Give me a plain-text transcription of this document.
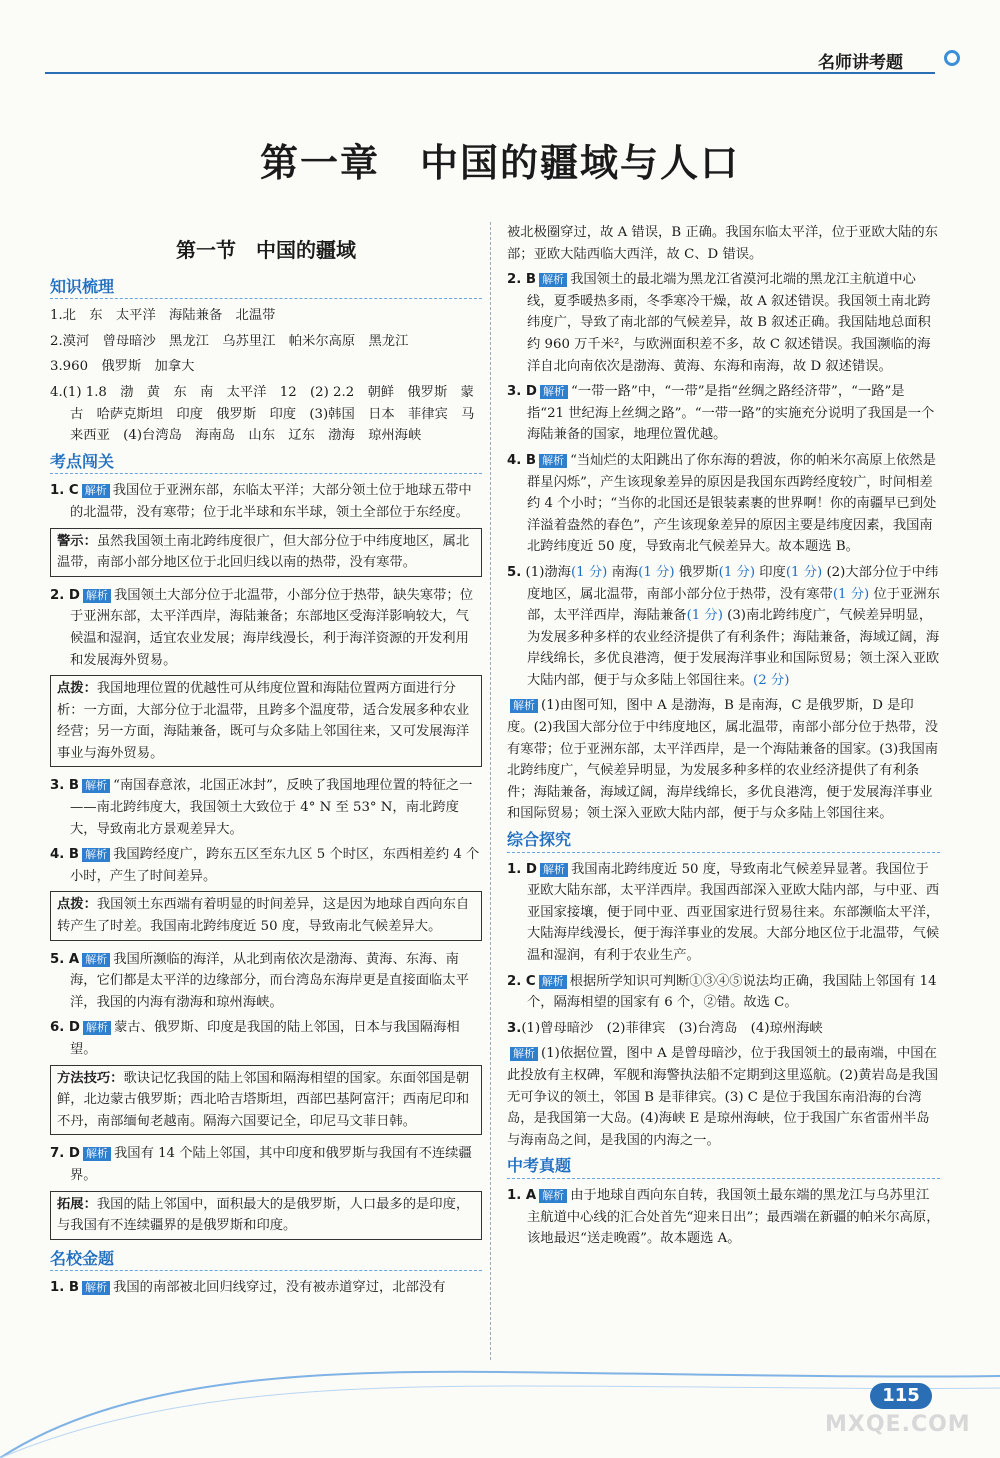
名师讲考题
第一章　中国的疆域与人口
第一节　中国的疆域
知识梳理
1.北　东　太平洋　海陆兼备　北温带
2.漠河　曾母暗沙　黑龙江　乌苏里江　帕米尔高原　黑龙江
3.960　俄罗斯　加拿大
4.(1) 1.8　渤　黄　东　南　太平洋　12　(2) 2.2　朝鲜　俄罗斯　蒙古　哈萨克斯坦　印度　俄罗斯　印度　(3)韩国　日本　菲律宾　马来西亚　(4)台湾岛　海南岛　山东　辽东　渤海　琼州海峡
考点闯关
1. C 解析 我国位于亚洲东部，东临太平洋；大部分领土位于地球五带中的北温带，没有寒带；位于北半球和东半球，领土全部位于东经度。
警示：虽然我国领土南北跨纬度很广，但大部分位于中纬度地区，属北温带，南部小部分地区位于北回归线以南的热带，没有寒带。
2. D 解析 我国领土大部分位于北温带，小部分位于热带，缺失寒带；位于亚洲东部，太平洋西岸，海陆兼备；东部地区受海洋影响较大，气候温和湿润，适宜农业发展；海岸线漫长，利于海洋资源的开发利用和发展海外贸易。
点拨：我国地理位置的优越性可从纬度位置和海陆位置两方面进行分析：一方面，大部分位于北温带，且跨多个温度带，适合发展多种农业经营；另一方面，海陆兼备，既可与众多陆上邻国往来，又可发展海洋事业与海外贸易。
3. B 解析 “南国春意浓，北国正冰封”，反映了我国地理位置的特征之一——南北跨纬度大，我国领土大致位于 4° N 至 53° N，南北跨度大，导致南北方景观差异大。
4. B 解析 我国跨经度广，跨东五区至东九区 5 个时区，东西相差约 4 个小时，产生了时间差异。
点拨：我国领土东西端有着明显的时间差异，这是因为地球自西向东自转产生了时差。我国南北跨纬度近 50 度，导致南北气候差异大。
5. A 解析 我国所濒临的海洋，从北到南依次是渤海、黄海、东海、南海，它们都是太平洋的边缘部分，而台湾岛东海岸更是直接面临太平洋，我国的内海有渤海和琼州海峡。
6. D 解析 蒙古、俄罗斯、印度是我国的陆上邻国，日本与我国隔海相望。
方法技巧：歌诀记忆我国的陆上邻国和隔海相望的国家。东面邻国是朝鲜，北边蒙古俄罗斯；西北哈吉塔斯坦，西部巴基阿富汗；西南尼印和不丹，南部缅甸老越南。隔海六国要记全，印尼马文菲日韩。
7. D 解析 我国有 14 个陆上邻国，其中印度和俄罗斯与我国有不连续疆界。
拓展：我国的陆上邻国中，面积最大的是俄罗斯，人口最多的是印度，与我国有不连续疆界的是俄罗斯和印度。
名校金题
1. B 解析 我国的南部被北回归线穿过，没有被赤道穿过，北部没有
被北极圈穿过，故 A 错误，B 正确。我国东临太平洋，位于亚欧大陆的东部；亚欧大陆西临大西洋，故 C、D 错误。
2. B 解析 我国领土的最北端为黑龙江省漠河北端的黑龙江主航道中心线，夏季暖热多雨，冬季寒冷干燥，故 A 叙述错误。我国领土南北跨纬度广，导致了南北部的气候差异，故 B 叙述正确。我国陆地总面积约 960 万千米²，与欧洲面积差不多，故 C 叙述错误。我国濒临的海洋自北向南依次是渤海、黄海、东海和南海，故 D 叙述错误。
3. D 解析 “一带一路”中，“一带”是指“丝绸之路经济带”，“一路”是指“21 世纪海上丝绸之路”。“一带一路”的实施充分说明了我国是一个海陆兼备的国家，地理位置优越。
4. B 解析 “当灿烂的太阳跳出了你东海的碧波，你的帕米尔高原上依然是群星闪烁”，产生该现象差异的原因是我国东西跨经度较广，时间相差约 4 个小时；“当你的北国还是银装素裹的世界啊！你的南疆早已到处洋溢着盎然的春色”，产生该现象差异的原因主要是纬度因素，我国南北跨纬度近 50 度，导致南北气候差异大。故本题选 B。
5. (1)渤海(1 分) 南海(1 分) 俄罗斯(1 分) 印度(1 分) (2)大部分位于中纬度地区，属北温带，南部小部分位于热带，没有寒带(1 分) 位于亚洲东部，太平洋西岸，海陆兼备(1 分) (3)南北跨纬度广，气候差异明显，为发展多种多样的农业经济提供了有利条件；海陆兼备，海域辽阔，海岸线绵长，多优良港湾，便于发展海洋事业和国际贸易；领土深入亚欧大陆内部，便于与众多陆上邻国往来。(2 分)
解析 (1)由图可知，图中 A 是渤海，B 是南海，C 是俄罗斯，D 是印度。(2)我国大部分位于中纬度地区，属北温带，南部小部分位于热带，没有寒带；位于亚洲东部，太平洋西岸，是一个海陆兼备的国家。(3)我国南北跨纬度广，气候差异明显，为发展多种多样的农业经济提供了有利条件；海陆兼备，海域辽阔，海岸线绵长，多优良港湾，便于发展海洋事业和国际贸易；领土深入亚欧大陆内部，便于与众多陆上邻国往来。
综合探究
1. D 解析 我国南北跨纬度近 50 度，导致南北气候差异显著。我国位于亚欧大陆东部，太平洋西岸。我国西部深入亚欧大陆内部，与中亚、西亚国家接壤，便于同中亚、西亚国家进行贸易往来。东部濒临太平洋，大陆海岸线漫长，便于海洋事业的发展。大部分地区位于北温带，气候温和湿润，有利于农业生产。
2. C 解析 根据所学知识可判断①③④⑤说法均正确，我国陆上邻国有 14 个，隔海相望的国家有 6 个，②错。故选 C。
3.(1)曾母暗沙　(2)菲律宾　(3)台湾岛　(4)琼州海峡
解析 (1)依据位置，图中 A 是曾母暗沙，位于我国领土的最南端，中国在此投放有主权碑，军舰和海警执法船不定期到这里巡航。(2)黄岩岛是我国无可争议的领土，邻国 B 是菲律宾。(3) C 是位于我国东南沿海的台湾岛，是我国第一大岛。(4)海峡 E 是琼州海峡，位于我国广东省雷州半岛与海南岛之间，是我国的内海之一。
中考真题
1. A 解析 由于地球自西向东自转，我国领土最东端的黑龙江与乌苏里江主航道中心线的汇合处首先“迎来日出”；最西端在新疆的帕米尔高原，该地最迟“送走晚霞”。故本题选 A。
115
MXQE.COM
